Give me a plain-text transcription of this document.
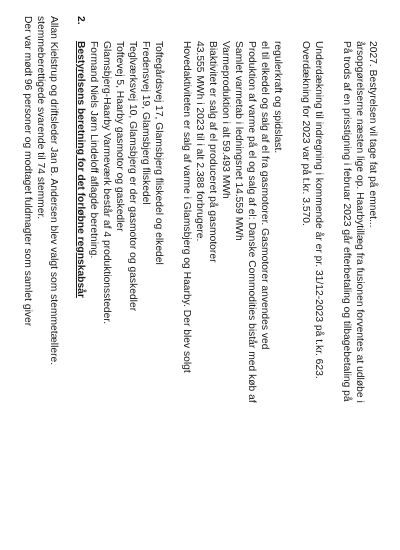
Der var mødt 96 personer og modtaget fuldmagter som samlet giver stemmeberettigede svarende til 74 stemmer. Allan Kielstrup og driftsleder Jan B. Andersen blev valgt som stemmetællere. 2.
Bestyrelsens beretning for det forløbne regnskabsår Formand Niels Jørn Lindeloff aflagde beretning. Glamsbjerg-Haarby Varmeværk består af 4 produktionssteder. Toftevej 5, Haarby gasmotor og gaskedler Teglværksvej 10, Glamsbjerg er der gasmotor og gaskedler Fredensvej 19, Glamsbjerg fliskedel Toftegårdsvej 17, Glamsbjerg fliskedel og elkedel Hovedaktiviteten er salg af varme i Glamsbjerg og Haarby. Der blev solgt 43.555 MWh i 2023 til i alt 2.388 forbrugere. Biaktivitet er salg af el produceret på gasmotorer Varmeproduktion i alt 59.493 MWh Samlet varmetab i ledningsnet 14.559 MWh Produktion af varme på el og salg af el: Danske Commodities bistår med køb af el til elkedel og salg af el fra gasmotorer. Gasmotorer anvendes ved regulerkraft og spidslast. Overdækning for 2023 var på t.kr. 3.570. Underdækning til indregning i kommende år er pr. 31/12-2023 på t.kr. 623. På trods af en prisstigning i februar 2023 går efterbetaling og tilbagebetaling på årsopgørelserne næsten lige op. Haarbytillæg fra fusionen forventes at udløbe i 2027. Bestyrelsen vil tage fat på emnet...
